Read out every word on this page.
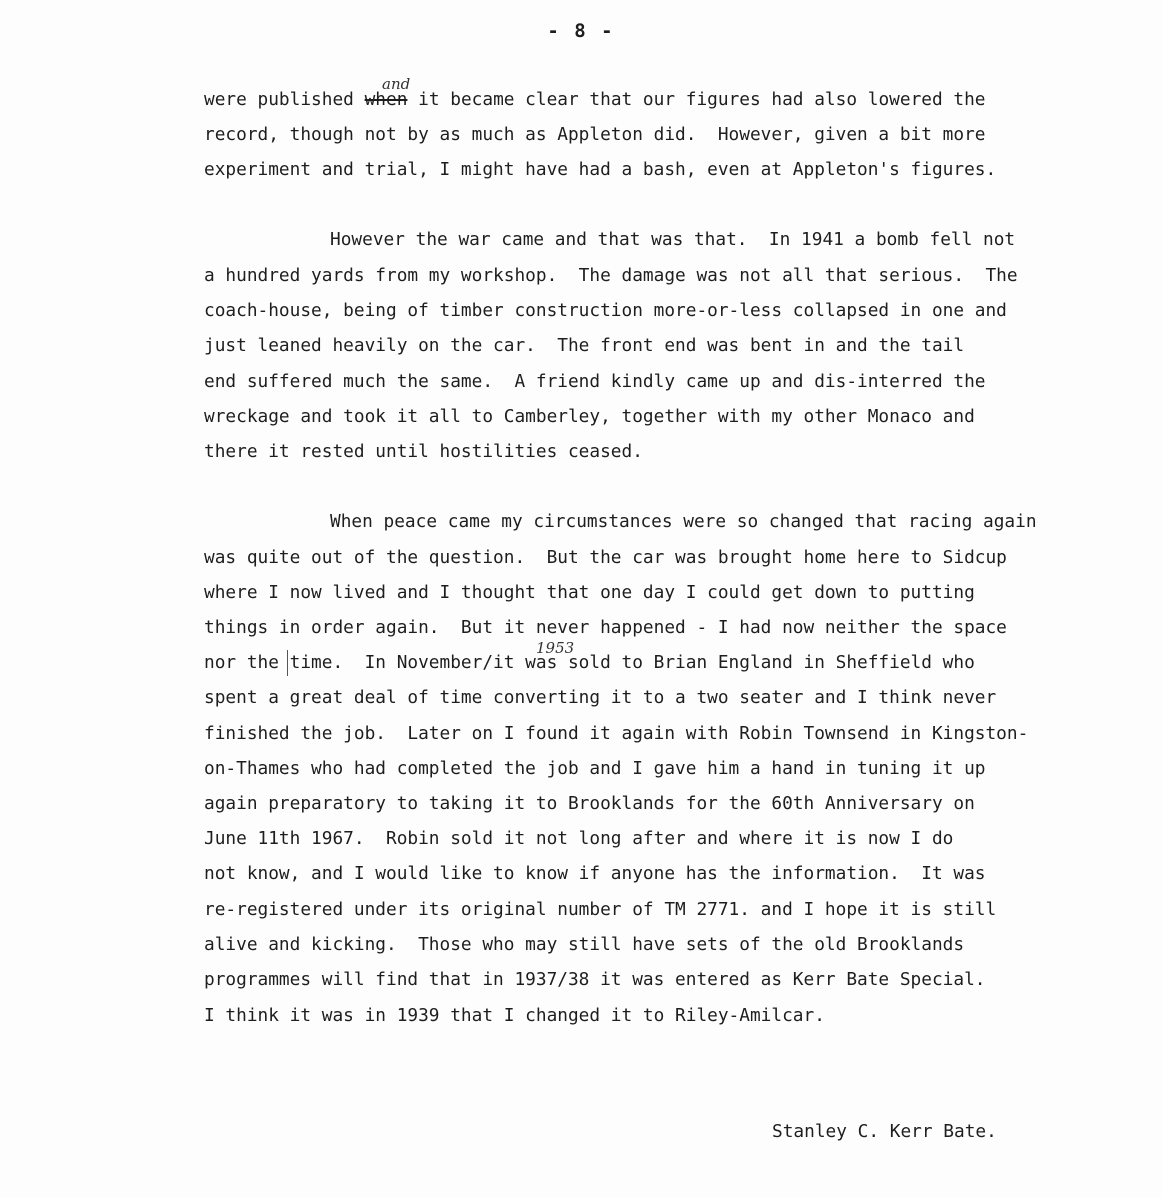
- 8 -
and
were published when it became clear that our figures had also lowered the
record, though not by as much as Appleton did.  However, given a bit more
experiment and trial, I might have had a bash, even at Appleton's figures.
However the war came and that was that.  In 1941 a bomb fell not
a hundred yards from my workshop.  The damage was not all that serious.  The
coach-house, being of timber construction more-or-less collapsed in one and
just leaned heavily on the car.  The front end was bent in and the tail
end suffered much the same.  A friend kindly came up and dis-interred the
wreckage and took it all to Camberley, together with my other Monaco and
there it rested until hostilities ceased.
When peace came my circumstances were so changed that racing again
was quite out of the question.  But the car was brought home here to Sidcup
where I now lived and I thought that one day I could get down to putting
things in order again.  But it never happened - I had now neither the space
1953
nor the time.  In November/it was sold to Brian England in Sheffield who
spent a great deal of time converting it to a two seater and I think never
finished the job.  Later on I found it again with Robin Townsend in Kingston-
on-Thames who had completed the job and I gave him a hand in tuning it up
again preparatory to taking it to Brooklands for the 60th Anniversary on
June 11th 1967.  Robin sold it not long after and where it is now I do
not know, and I would like to know if anyone has the information.  It was
re-registered under its original number of TM 2771. and I hope it is still
alive and kicking.  Those who may still have sets of the old Brooklands
programmes will find that in 1937/38 it was entered as Kerr Bate Special.
I think it was in 1939 that I changed it to Riley-Amilcar.
Stanley C. Kerr Bate.
